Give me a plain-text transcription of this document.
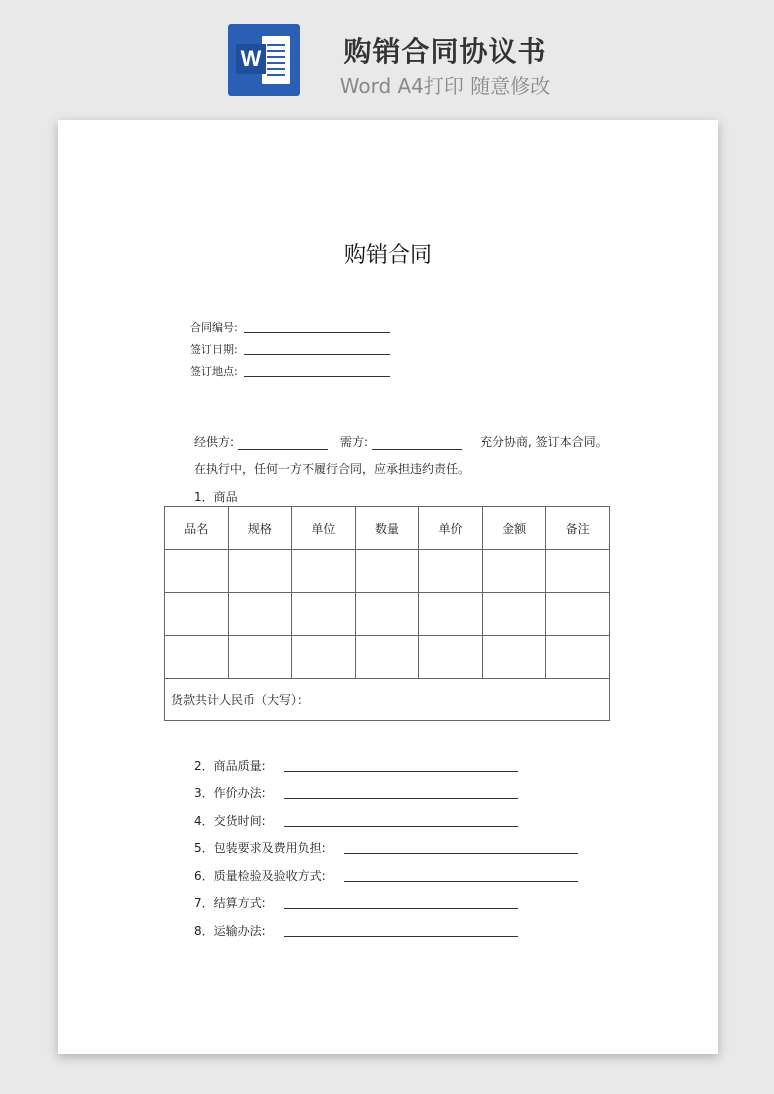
W	购销合同协议书
Word A4打印 随意修改
购销合同
合同编号:
签订日期:
签订地点:
经供方:	需方:	充分协商, 签订本合同。
在执行中，任何一方不履行合同，应承担违约责任。
1．商品
品名	规格	单位	数量	单价	金额	备注

货款共计人民币（大写）：						
2．商品质量:
3．作价办法:
4．交货时间:
5．包装要求及费用负担:
6．质量检验及验收方式:
7．结算方式:
8．运输办法:
